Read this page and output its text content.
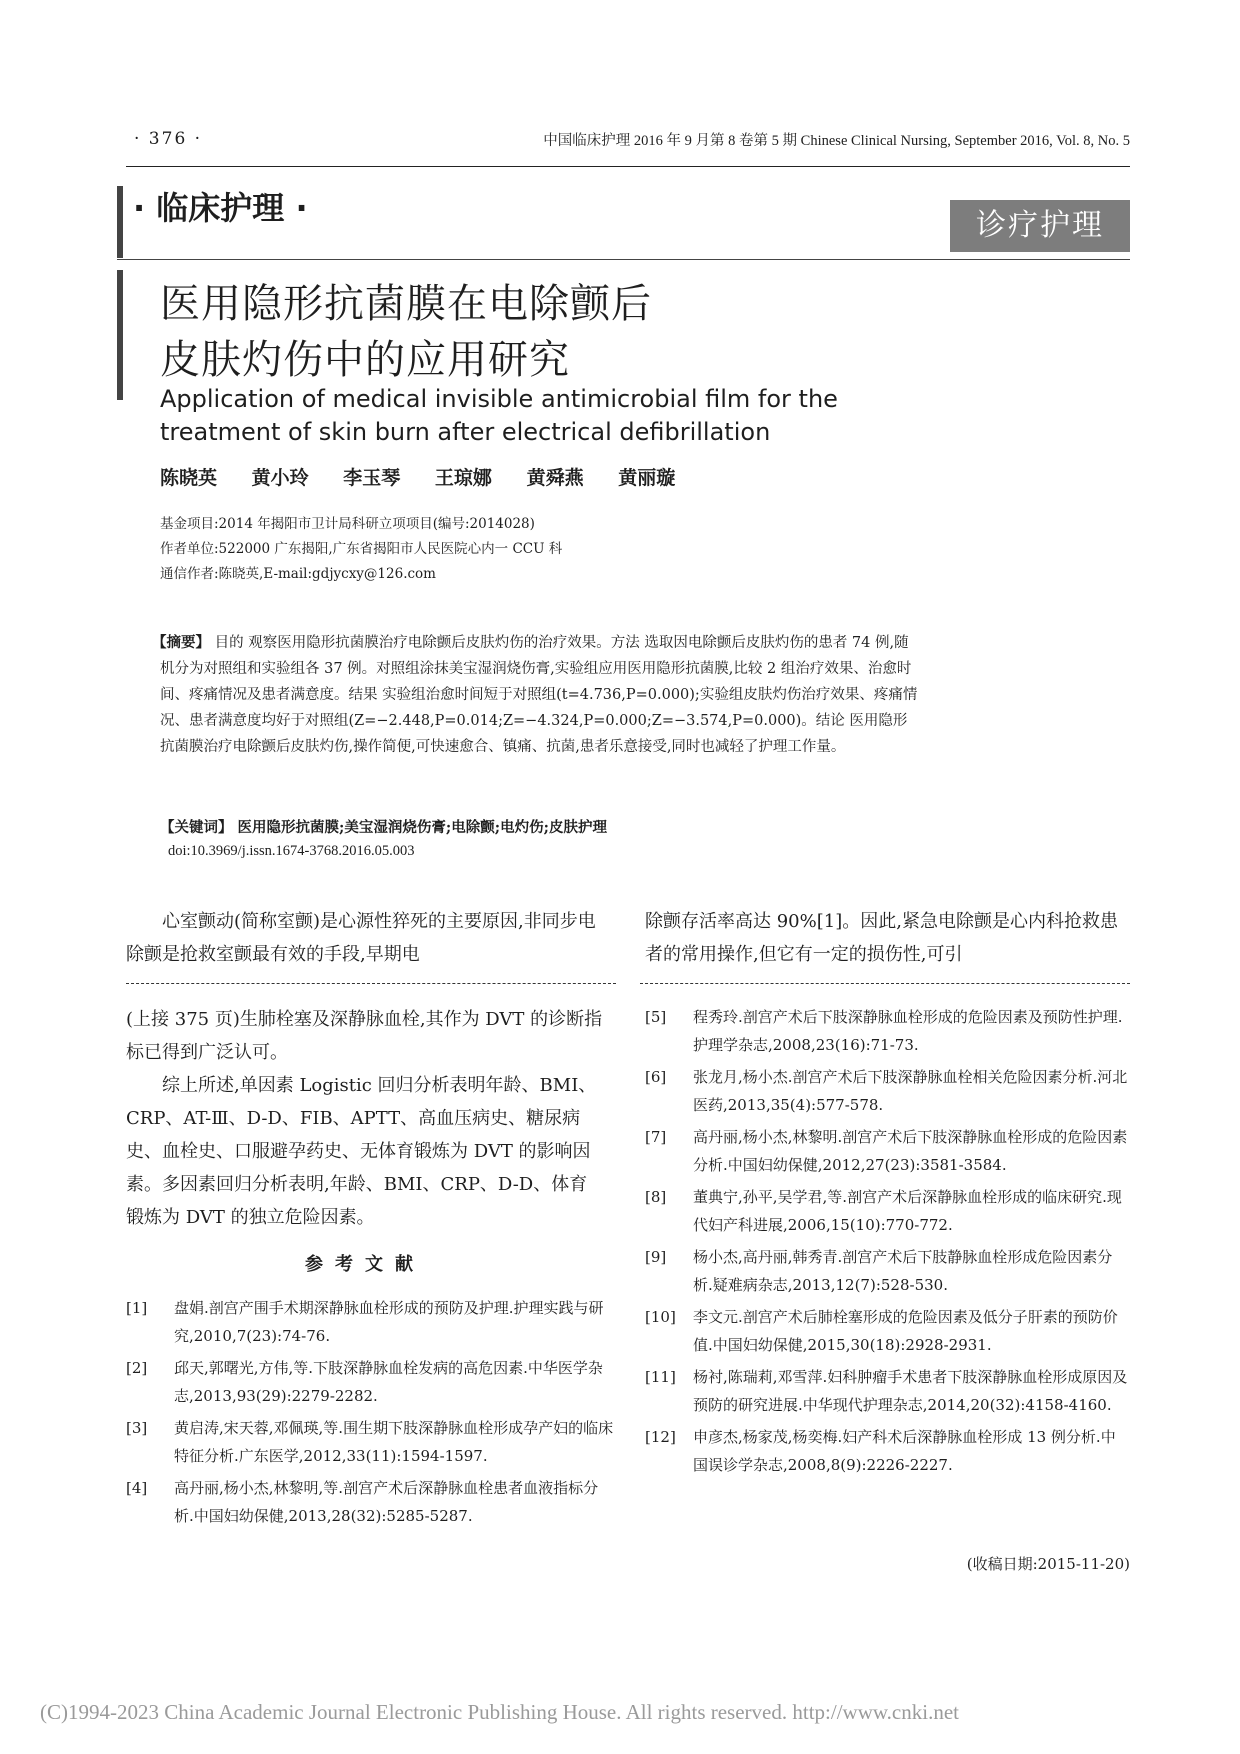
· 376 ·	中国临床护理 2016 年 9 月第 8 卷第 5 期 Chinese Clinical Nursing, September 2016, Vol. 8, No. 5
· 临床护理 ·	诊疗护理
医用隐形抗菌膜在电除颤后
皮肤灼伤中的应用研究
Application of medical invisible antimicrobial film for the
treatment of skin burn after electrical defibrillation
陈晓英 黄小玲 李玉琴 王琼娜 黄舜燕 黄丽璇
基金项目:2014 年揭阳市卫计局科研立项项目(编号:2014028)
作者单位:522000 广东揭阳,广东省揭阳市人民医院心内一 CCU 科
通信作者:陈晓英,E-mail:gdjycxy@126.com

【摘要】 目的 观察医用隐形抗菌膜治疗电除颤后皮肤灼伤的治疗效果。方法 选取因电除颤后皮肤灼伤的患者 74 例,随机分为对照组和实验组各 37 例。对照组涂抹美宝湿润烧伤膏,实验组应用医用隐形抗菌膜,比较 2 组治疗效果、治愈时间、疼痛情况及患者满意度。结果 实验组治愈时间短于对照组(t=4.736,P=0.000);实验组皮肤灼伤治疗效果、疼痛情况、患者满意度均好于对照组(Z=−2.448,P=0.014;Z=−4.324,P=0.000;Z=−3.574,P=0.000)。结论 医用隐形抗菌膜治疗电除颤后皮肤灼伤,操作简便,可快速愈合、镇痛、抗菌,患者乐意接受,同时也减轻了护理工作量。

【关键词】 医用隐形抗菌膜;美宝湿润烧伤膏;电除颤;电灼伤;皮肤护理
doi:10.3969/j.issn.1674-3768.2016.05.003
心室颤动(简称室颤)是心源性猝死的主要原因,非同步电除颤是抢救室颤最有效的手段,早期电
除颤存活率高达 90%[1]。因此,紧急电除颤是心内科抢救患者的常用操作,但它有一定的损伤性,可引

(上接 375 页)生肺栓塞及深静脉血栓,其作为 DVT 的诊断指标已得到广泛认可。

综上所述,单因素 Logistic 回归分析表明年龄、BMI、CRP、AT-Ⅲ、D-D、FIB、APTT、高血压病史、糖尿病史、血栓史、口服避孕药史、无体育锻炼为 DVT 的影响因素。多因素回归分析表明,年龄、BMI、CRP、D-D、体育锻炼为 DVT 的独立危险因素。

参考文献
[1]	盘娟.剖宫产围手术期深静脉血栓形成的预防及护理.护理实践与研究,2010,7(23):74-76.
[2]	邱天,郭曙光,方伟,等.下肢深静脉血栓发病的高危因素.中华医学杂志,2013,93(29):2279-2282.
[3]	黄启涛,宋天蓉,邓佩瑛,等.围生期下肢深静脉血栓形成孕产妇的临床特征分析.广东医学,2012,33(11):1594-1597.
[4]	高丹丽,杨小杰,林黎明,等.剖宫产术后深静脉血栓患者血液指标分析.中国妇幼保健,2013,28(32):5285-5287.
[5]	程秀玲.剖宫产术后下肢深静脉血栓形成的危险因素及预防性护理.护理学杂志,2008,23(16):71-73.
[6]	张龙月,杨小杰.剖宫产术后下肢深静脉血栓相关危险因素分析.河北医药,2013,35(4):577-578.
[7]	高丹丽,杨小杰,林黎明.剖宫产术后下肢深静脉血栓形成的危险因素分析.中国妇幼保健,2012,27(23):3581-3584.
[8]	董典宁,孙平,吴学君,等.剖宫产术后深静脉血栓形成的临床研究.现代妇产科进展,2006,15(10):770-772.
[9]	杨小杰,高丹丽,韩秀青.剖宫产术后下肢静脉血栓形成危险因素分析.疑难病杂志,2013,12(7):528-530.
[10]	李文元.剖宫产术后肺栓塞形成的危险因素及低分子肝素的预防价值.中国妇幼保健,2015,30(18):2928-2931.
[11]	杨衬,陈瑞莉,邓雪萍.妇科肿瘤手术患者下肢深静脉血栓形成原因及预防的研究进展.中华现代护理杂志,2014,20(32):4158-4160.
[12]	申彦杰,杨家茂,杨奕梅.妇产科术后深静脉血栓形成 13 例分析.中国误诊学杂志,2008,8(9):2226-2227.
(收稿日期:2015-11-20)
(C)1994-2023 China Academic Journal Electronic Publishing House. All rights reserved. http://www.cnki.net
